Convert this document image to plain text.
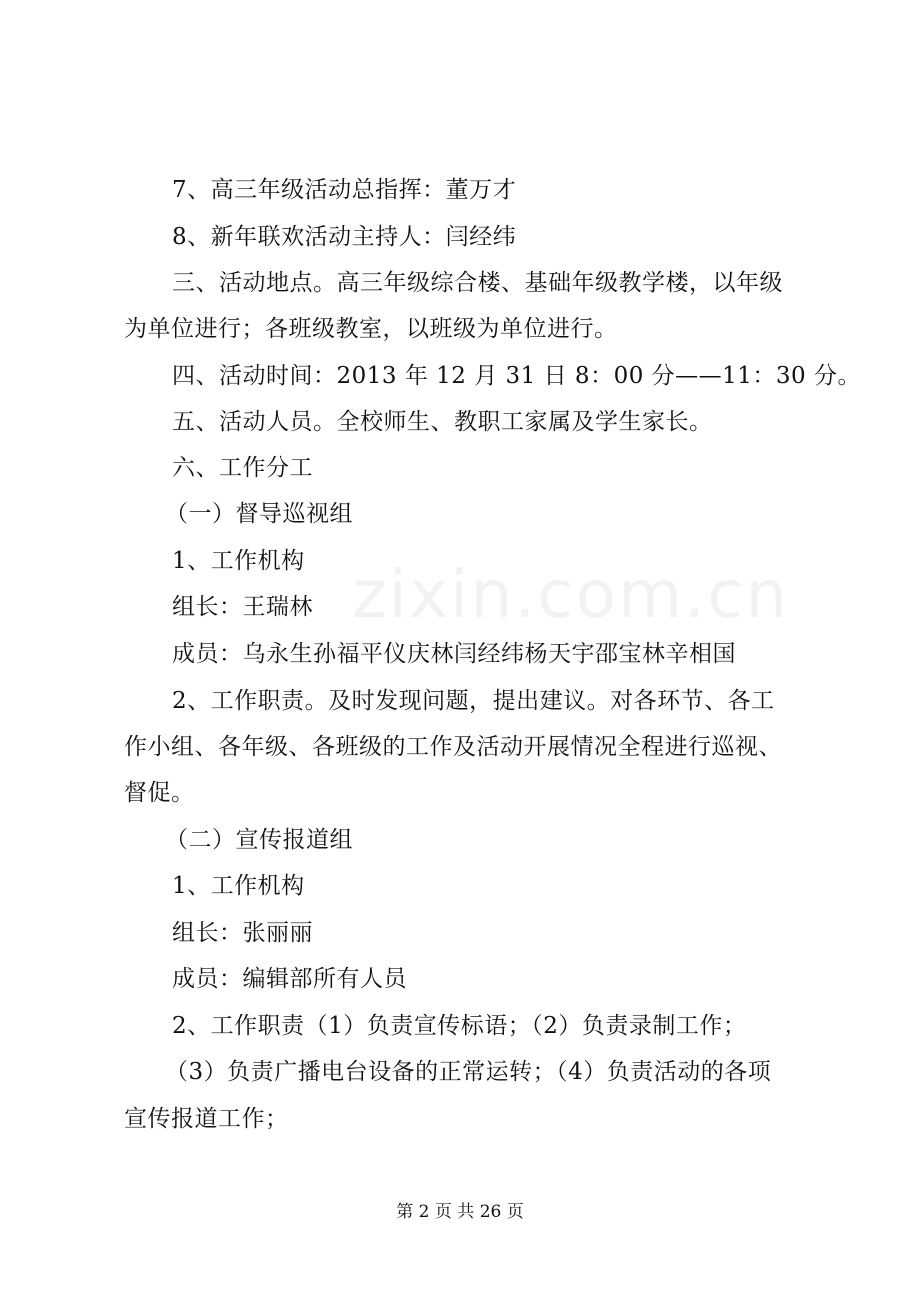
zixin.com.cn
7、高三年级活动总指挥：董万才
8、新年联欢活动主持人：闫经纬
三、活动地点。高三年级综合楼、基础年级教学楼，以年级
为单位进行；各班级教室，以班级为单位进行。
四、活动时间：2013 年 12 月 31 日 8：00 分——11：30 分。
五、活动人员。全校师生、教职工家属及学生家长。
六、工作分工
（一）督导巡视组
1、工作机构
组长：王瑞林
成员：乌永生孙福平仪庆林闫经纬杨天宇邵宝林辛相国
2、工作职责。及时发现问题，提出建议。对各环节、各工
作小组、各年级、各班级的工作及活动开展情况全程进行巡视、
督促。
（二）宣传报道组
1、工作机构
组长：张丽丽
成员：编辑部所有人员
2、工作职责（1）负责宣传标语；（2）负责录制工作；
（3）负责广播电台设备的正常运转；（4）负责活动的各项
宣传报道工作；
第 2 页 共 26 页
